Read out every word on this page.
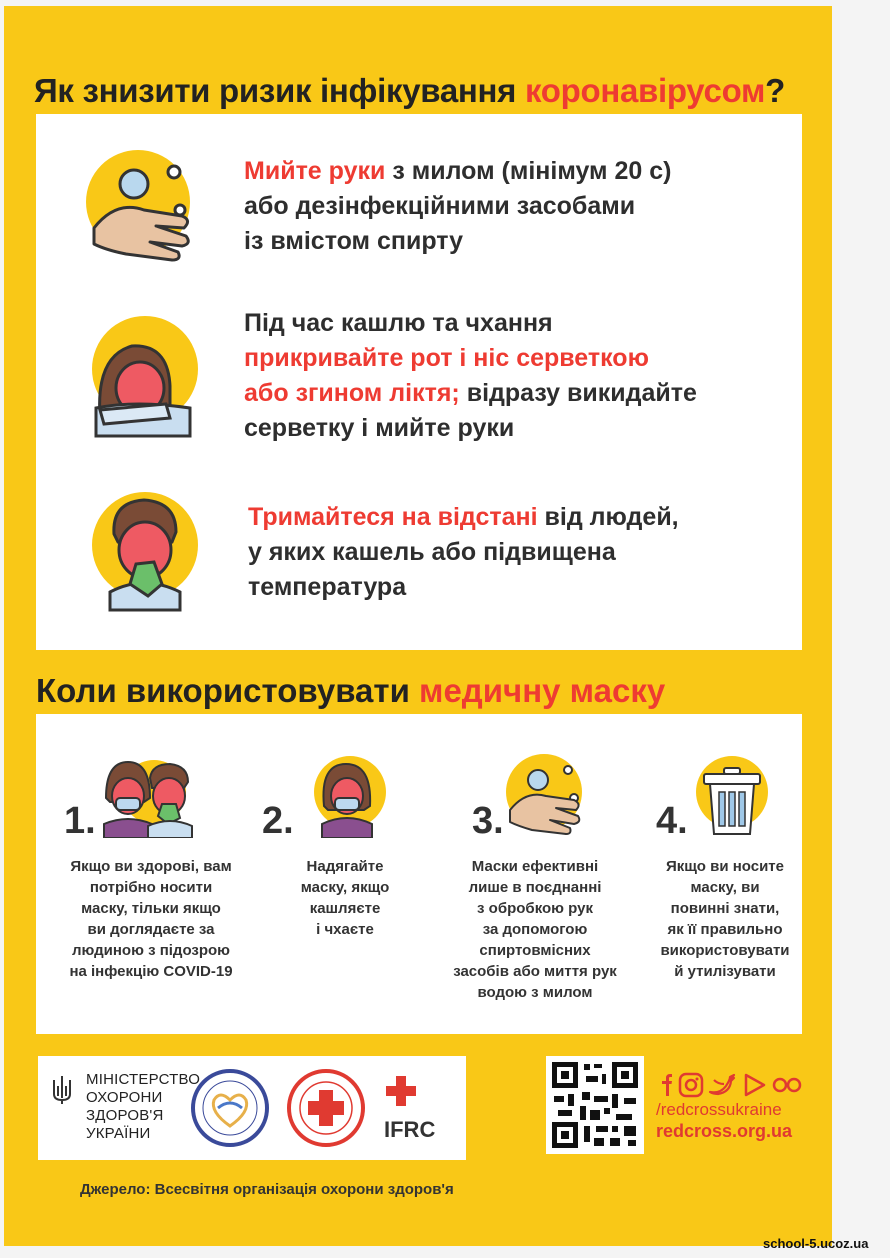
Як знизити ризик інфікування коронавірусом?
Мийте руки з милом (мінімум 20 с)
або дезінфекційними засобами
із вмістом спирту
Під час кашлю та чхання
прикривайте рот і ніс серветкою
або згином ліктя; відразу викидайте
серветку і мийте руки
Тримайтеся на відстані від людей,
у яких кашель або підвищена
температура
Коли використовувати медичну маску
1.
Якщо ви здорові, вам
потрібно носити
маску, тільки якщо
ви доглядаєте за
людиною з підозрою
на інфекцію COVID-19
2.
Надягайте
маску, якщо
кашляєте
і чхаєте
3.
Маски ефективні
лише в поєднанні
з обробкою рук
за допомогою
спиртовмісних
засобів або миття рук
водою з милом
4.
Якщо ви носите
маску, ви
повинні знати,
як її правильно
використовувати
й утилізувати
МІНІСТЕРСТВО
ОХОРОНИ
ЗДОРОВ'Я
УКРАЇНИ	IFRC
/redcrossukraine
redcross.org.ua
Джерело: Всесвітня організація охорони здоров'я
school-5.ucoz.ua
